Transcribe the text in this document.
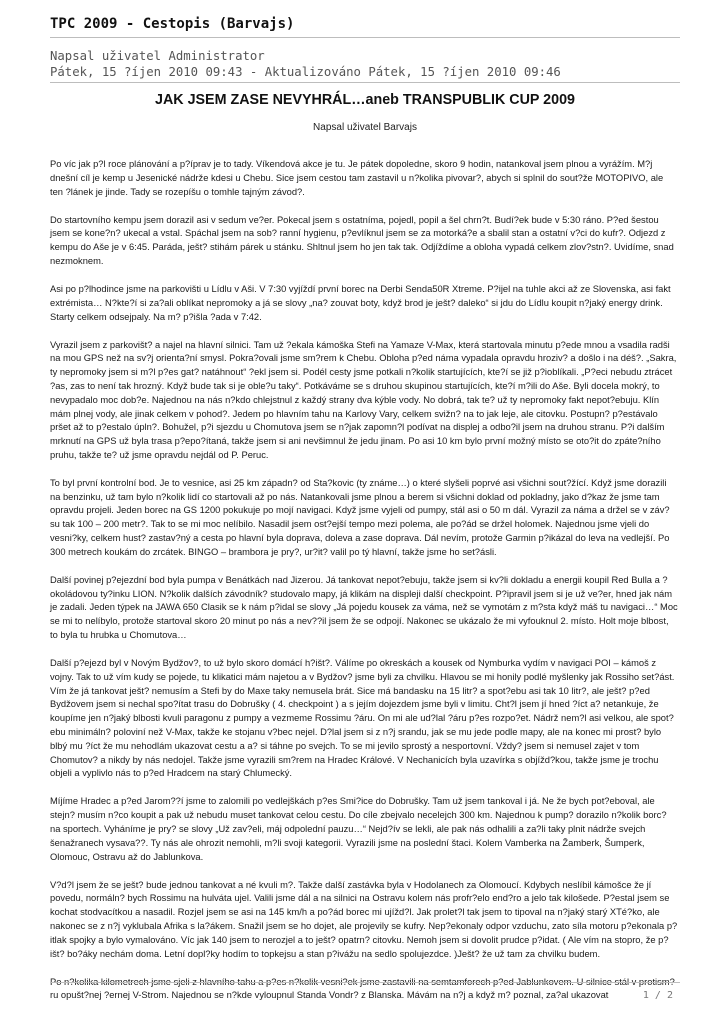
TPC 2009 - Cestopis (Barvajs)
Napsal uživatel Administrator
Pátek, 15 ?íjen 2010 09:43 - Aktualizováno Pátek, 15 ?íjen 2010 09:46
JAK JSEM ZASE NEVYHRÁL…aneb TRANSPUBLIK CUP 2009
Napsal uživatel Barvajs

Po víc jak p?l roce plánování a p?íprav je to tady. Víkendová akce je tu. Je pátek dopoledne, skoro 9 hodin, natankoval jsem plnou a vyrážím. M?j dnešní cíl je kemp u Jesenické nádrže kdesi u Chebu. Sice jsem cestou tam zastavil u n?kolika pivovar?, abych si splnil do sout?že MOTOPIVO, ale ten ?lánek je jinde. Tady se rozepíšu o tomhle tajným závod?.

Do startovního kempu jsem dorazil asi v sedum ve?er. Pokecal jsem s ostatníma, pojedl, popil a šel chrn?t. Budí?ek bude v 5:30 ráno. P?ed šestou jsem se kone?n? ukecal a vstal. Spáchal jsem na sob? ranní hygienu, p?evlíknul jsem se za motorká?e a sbalil stan a ostatní v?ci do kufr?. Odjezd z kempu do Aše je v 6:45. Paráda, ješt? stihám párek u stánku. Shltnul jsem ho jen tak tak. Odjíždíme a obloha vypadá celkem zlov?stn?. Uvidíme, snad nezmoknem.

Asi po p?lhodince jsme na parkovišti u Lídlu v Aši. V 7:30 vyjíždí první borec na Derbi Senda50R Xtreme. P?ijel na tuhle akci až ze Slovenska, asi fakt extrémista… N?kte?í si za?ali oblíkat nepromoky a já se slovy „na? zouvat boty, když brod je ješt? daleko“ si jdu do Lídlu koupit n?jaký energy drink. Starty celkem odsejpaly. Na m? p?išla ?ada v 7:42.

Vyrazil jsem z parkovišt? a najel na hlavní silnici. Tam už ?ekala kámoška Stefi na Yamaze V-Max, která startovala minutu p?ede mnou a vsadila radši na mou GPS než na sv?j orienta?ní smysl. Pokra?ovali jsme sm?rem k Chebu. Obloha p?ed náma vypadala opravdu hroziv? a došlo i na déš?. „Sakra, ty nepromoky jsem si m?l p?es gat? natáhnout“ ?ekl jsem si. Podél cesty jsme potkali n?kolik startujících, kte?í se již p?ioblíkali. „P?eci nebudu ztrácet ?as, zas to není tak hrozný. Když bude tak si je oble?u taky“. Potkáváme se s druhou skupinou startujících, kte?í m?ili do Aše. Byli docela mokrý, to nevypadalo moc dob?e. Najednou na nás n?kdo chlejstnul z každý strany dva kýble vody. No dobrá, tak te? už ty nepromoky fakt nepot?ebuju. Klín mám plnej vody, ale jinak celkem v pohod?. Jedem po hlavním tahu na Karlovy Vary, celkem svižn? na to jak leje, ale citovku. Postupn? p?estávalo pršet až to p?estalo úpln?. Bohužel, p?i sjezdu u Chomutova jsem se n?jak zapomn?l podívat na displej a odbo?il jsem na druhou stranu. P?i dalším mrknutí na GPS už byla trasa p?epo?ítaná, takže jsem si ani nevšimnul že jedu jinam. Po asi 10 km bylo první možný místo se oto?it do zpáte?ního pruhu, takže te? už jsme opravdu nejdál od P. Peruc.

To byl první kontrolní bod. Je to vesnice, asi 25 km západn? od Sta?kovic (ty známe…) o které slyšeli poprvé asi všichni sout?žící. Když jsme dorazili na benzinku, už tam bylo n?kolik lidí co startovali až po nás. Natankovali jsme plnou a berem si všichni doklad od pokladny, jako d?kaz že jsme tam opravdu projeli. Jeden borec na GS 1200 pokukuje po mojí navigaci. Když jsme vyjeli od pumpy, stál asi o 50 m dál. Vyrazil za náma a držel se v záv?su tak 100 – 200 metr?. Tak to se mi moc nelíbilo. Nasadil jsem ost?ejší tempo mezi polema, ale po?ád se držel holomek. Najednou jsme vjeli do vesni?ky, celkem hust? zastav?ný a cesta po hlavní byla doprava, doleva a zase doprava. Dál nevím, protože Garmin p?ikázal do leva na vedlejší. Po 300 metrech koukám do zrcátek. BINGO – brambora je pry?, ur?it? valil po tý hlavní, takže jsme ho set?ásli.

Další povinej p?ejezdní bod byla pumpa v Benátkách nad Jizerou. Já tankovat nepot?ebuju, takže jsem si kv?li dokladu a energii koupil Red Bulla a ?okoládovou ty?inku LION. N?kolik dalších závodník? studovalo mapy, já klikám na displeji další checkpoint. P?ipravil jsem si je už ve?er, hned jak nám je zadali. Jeden týpek na JAWA 650 Clasik se k nám p?idal se slovy „Já pojedu kousek za váma, než se vymotám z m?sta když máš tu navigaci…“ Moc se mi to nelíbylo, protože startoval skoro 20 minut po nás a nev??il jsem že se odpojí. Nakonec se ukázalo že mi vyfouknul 2. místo. Holt moje blbost, to byla tu hrubka u Chomutova…

Další p?ejezd byl v Novým Bydžov?, to už bylo skoro domácí h?išt?. Válíme po okreskách a kousek od Nymburka vydím v navigaci POI – kámoš z vojny. Tak to už vím kudy se pojede, tu klikatici mám najetou a v Bydžov? jsme byli za chvilku. Hlavou se mi honily podlé myšlenky jak Rossiho set?ást. Vím že já tankovat ješt? nemusím a Stefi by do Maxe taky nemusela brát. Sice má bandasku na 15 litr? a spot?ebu asi tak 10 litr?, ale ješt? p?ed Bydžovem jsem si nechal spo?ítat trasu do Dobrušky ( 4. checkpoint ) a s jejím dojezdem jsme byli v limitu. Cht?l jsem jí hned ?íct a? netankuje, že koupíme jen n?jaký blbosti kvuli paragonu z pumpy a vezmeme Rossimu ?áru. On mi ale ud?lal ?áru p?es rozpo?et. Nádrž nem?l asi velkou, ale spot?ebu minimáln? poloviní než V-Max, takže ke stojanu v?bec nejel. D?lal jsem si z n?j srandu, jak se mu jede podle mapy, ale na konec mi prost? bylo blbý mu ?íct že mu nehodlám ukazovat cestu a a? si táhne po svejch. To se mi jevilo sprostý a nesportovní. Vždy? jsem si nemusel zajet v tom Chomutov? a nikdy by nás nedojel. Takže jsme vyrazili sm?rem na Hradec Králové. V Nechanicích byla uzavírka s objížd?kou, takže jsme je trochu objeli a vyplivlo nás to p?ed Hradcem na starý Chlumecký.

Míjíme Hradec a p?ed Jarom??í jsme to zalomili po vedlejškách p?es Smi?ice do Dobrušky. Tam už jsem tankoval i já. Ne že bych pot?eboval, ale stejn? musím n?co koupit a pak už nebudu muset tankovat celou cestu. Do cíle zbejvalo necelejch 300 km. Najednou k pump? dorazilo n?kolik borc? na sportech. Vyháníme je pry? se slovy „Už zav?eli, máj odpolední pauzu…“ Nejd?ív se lekli, ale pak nás odhalili a za?li taky plnit nádrže svejch šenažranech vysava??. Ty nás ale ohrozit nemohli, m?li svoji kategorii. Vyrazili jsme na poslední štaci. Kolem Vamberka na Žamberk, Šumperk, Olomouc, Ostravu až do Jablunkova.

V?d?l jsem že se ješt? bude jednou tankovat a né kvuli m?. Takže další zastávka byla v Hodolanech za Olomoucí. Kdybych neslíbil kámošce že jí povedu, normáln? bych Rossimu na hulváta ujel. Valili jsme dál a na silnici na Ostravu kolem nás profr?elo end?ro a jelo tak kilošede. P?estal jsem se kochat stodvacítkou a nasadil. Rozjel jsem se asi na 145 km/h a po?ád borec mi ujížd?l. Jak prolet?l tak jsem to tipoval na n?jaký starý XTé?ko, ale nakonec se z n?j vyklubala Afrika s la?ákem. Snažil jsem se ho dojet, ale projevily se kufry. Nep?ekonaly odpor vzduchu, zato síla motoru p?ekonala p?itlak spojky a bylo vymalováno. Víc jak 140 jsem to nerozjel a to ješt? opatrn? citovku. Nemoh jsem si dovolit prudce p?idat. ( Ale vím na stopro, že p?išt? bo?áky nechám doma. Letní dopl?ky hodím to topkejsu a stan p?ivážu na sedlo spolujezdce. )Ješt? že už tam za chvilku budem.

ru opušt?nej ?ernej V-Strom. Najednou se n?kde vyloupnul Standa Vondr? z Blanska. Mávám na n?j a když m? poznal, za?al ukazovat	1 / 2
